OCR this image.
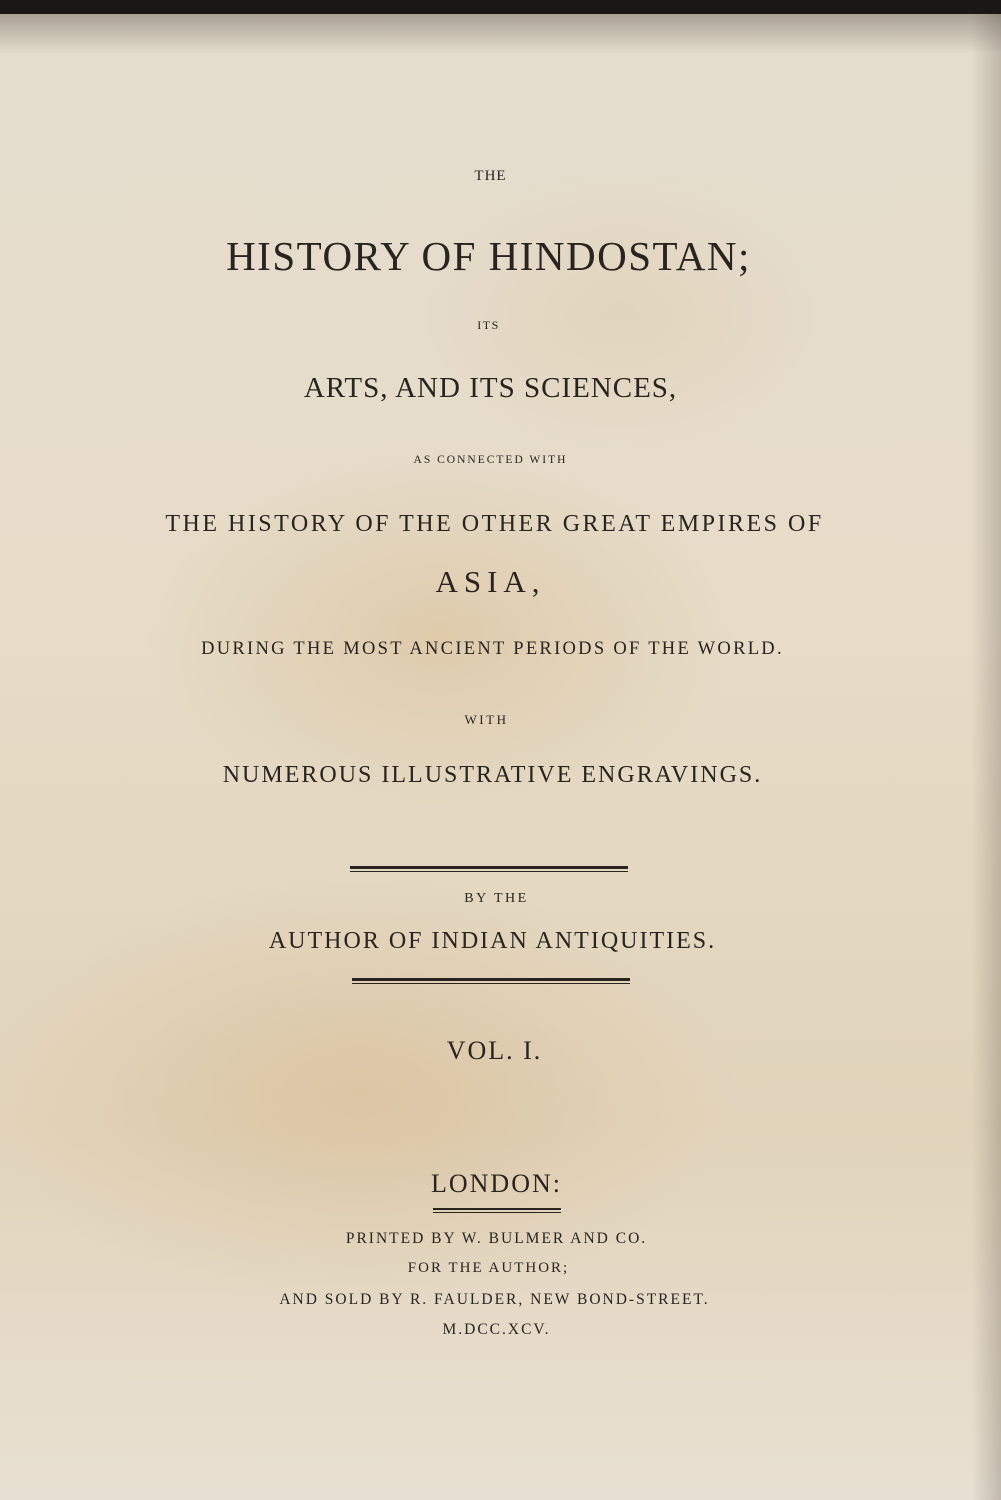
THE
HISTORY OF HINDOSTAN;
ITS
ARTS, AND ITS SCIENCES,
AS CONNECTED WITH
THE HISTORY OF THE OTHER GREAT EMPIRES OF
ASIA,
DURING THE MOST ANCIENT PERIODS OF THE WORLD.
WITH
NUMEROUS ILLUSTRATIVE ENGRAVINGS.
BY THE
AUTHOR OF INDIAN ANTIQUITIES.
VOL. I.
LONDON:
PRINTED BY W. BULMER AND CO.
FOR THE AUTHOR;
AND SOLD BY R. FAULDER, NEW BOND-STREET.
M.DCC.XCV.
